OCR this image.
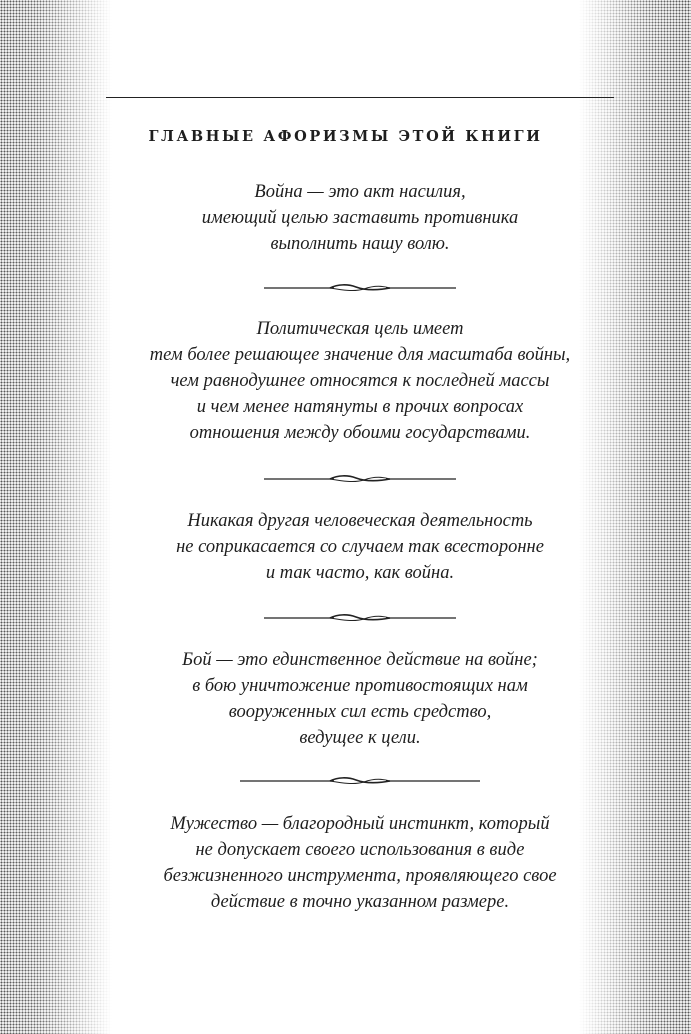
ГЛАВНЫЕ АФОРИЗМЫ ЭТОЙ КНИГИ
Война — это акт насилия,
имеющий целью заставить противника
выполнить нашу волю.
Политическая цель имеет
тем более решающее значение для масштаба войны,
чем равнодушнее относятся к последней массы
и чем менее натянуты в прочих вопросах
отношения между обоими государствами.
Никакая другая человеческая деятельность
не соприкасается со случаем так всесторонне
и так часто, как война.
Бой — это единственное действие на войне;
в бою уничтожение противостоящих нам
вооруженных сил есть средство,
ведущее к цели.
Мужество — благородный инстинкт, который
не допускает своего использования в виде
безжизненного инструмента, проявляющего свое
действие в точно указанном размере.
